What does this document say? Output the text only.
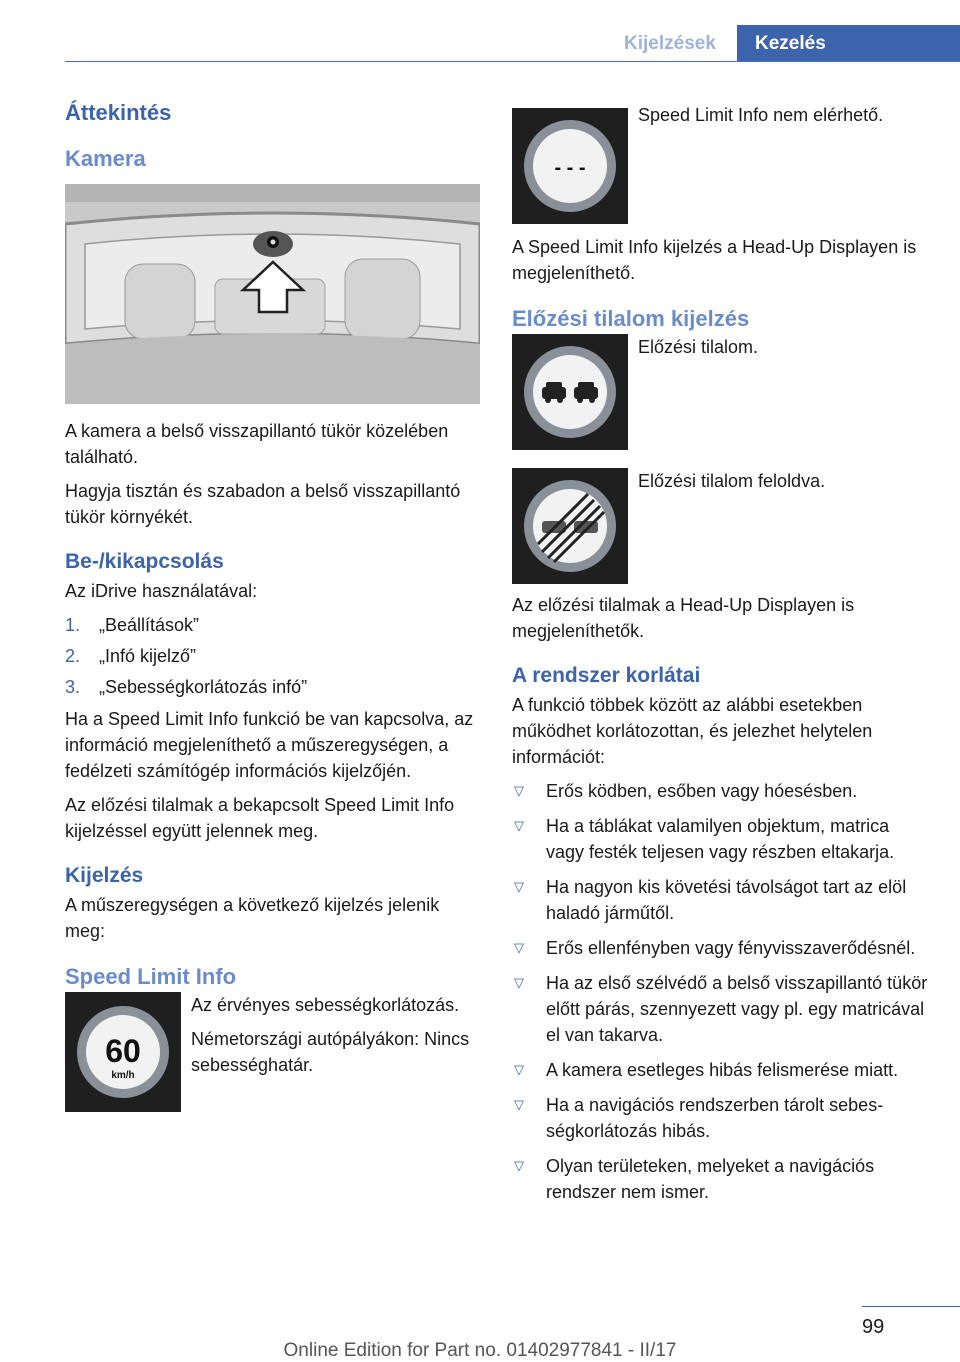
Kijelzések	Kezelés
Áttekintés
Kamera

A kamera a belső visszapillantó tükör közelében található.

Hagyja tisztán és szabadon a belső visszapillantó tükör környékét.

Be-/kikapcsolás

Az iDrive használatával:

1.	„Beállítások”
2.	„Infó kijelző”
3.	„Sebességkorlátozás infó”

Ha a Speed Limit Info funkció be van kapcsolva, az információ megjeleníthető a műszeregységen, a fedélzeti számítógép információs kijelzőjén.

Az előzési tilalmak a bekapcsolt Speed Limit Info kijelzéssel együtt jelennek meg.

Kijelzés

A műszeregységen a következő kijelzés jelenik meg:

Speed Limit Info
60
km/h

Az érvényes sebességkorlátozás.

Németországi autópályákon: Nincs sebességhatár.

- - -

Speed Limit Info nem elérhető.

A Speed Limit Info kijelzés a Head-Up Displayen is megjeleníthető.

Előzési tilalom kijelzés

Előzési tilalom.

Előzési tilalom feloldva.

Az előzési tilalmak a Head-Up Displayen is megjeleníthetők.

A rendszer korlátai

A funkció többek között az alábbi esetekben működhet korlátozottan, és jelezhet helytelen információt:

▽	Erős ködben, esőben vagy hóesésben.
▽	Ha a táblákat valamilyen objektum, matrica vagy festék teljesen vagy részben eltakarja.
▽	Ha nagyon kis követési távolságot tart az elöl haladó járműtől.
▽	Erős ellenfényben vagy fényvisszaverődésnél.
▽	Ha az első szélvédő a belső visszapillantó tükör előtt párás, szennyezett vagy pl. egy matricával el van takarva.
▽	A kamera esetleges hibás felismerése miatt.
▽	Ha a navigációs rendszerben tárolt sebességkorlátozás hibás.
▽	Olyan területeken, melyeket a navigációs rendszer nem ismer.
99
Online Edition for Part no. 01402977841 - II/17
